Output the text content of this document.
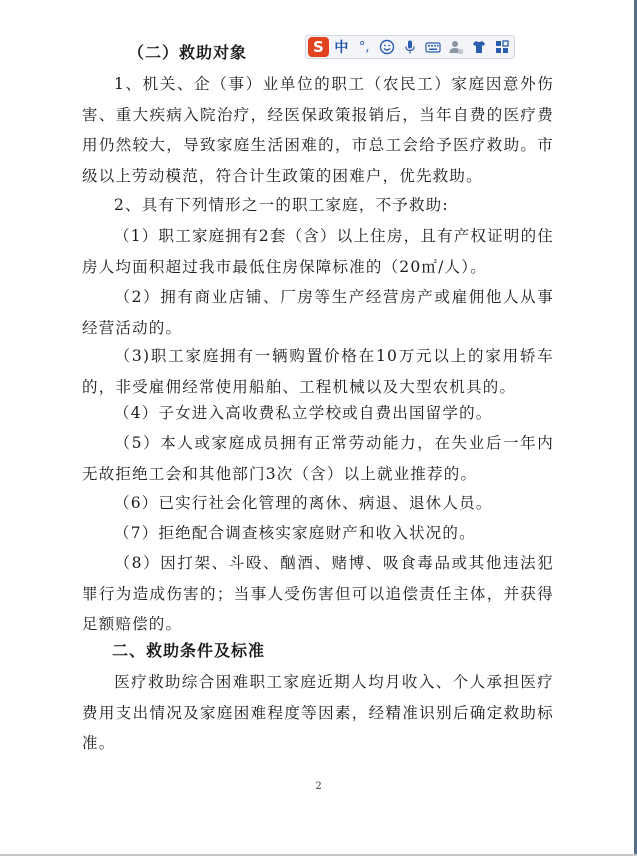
（二）救助对象	S 中 °,
1、机关、企（事）业单位的职工（农民工）家庭因意外伤害、重大疾病入院治疗，经医保政策报销后，当年自费的医疗费用仍然较大，导致家庭生活困难的，市总工会给予医疗救助。市级以上劳动模范，符合计生政策的困难户，优先救助。
2、具有下列情形之一的职工家庭，不予救助:
（1）职工家庭拥有2套（含）以上住房，且有产权证明的住房人均面积超过我市最低住房保障标准的（20㎡/人）。
（2）拥有商业店铺、厂房等生产经营房产或雇佣他人从事经营活动的。
（3)职工家庭拥有一辆购置价格在10万元以上的家用轿车的，非受雇佣经常使用船舶、工程机械以及大型农机具的。
（4）子女进入高收费私立学校或自费出国留学的。
（5）本人或家庭成员拥有正常劳动能力，在失业后一年内无故拒绝工会和其他部门3次（含）以上就业推荐的。
（6）已实行社会化管理的离休、病退、退休人员。
（7）拒绝配合调查核实家庭财产和收入状况的。
（8）因打架、斗殴、酗酒、赌博、吸食毒品或其他违法犯罪行为造成伤害的；当事人受伤害但可以追偿责任主体，并获得足额赔偿的。
二、救助条件及标准
医疗救助综合困难职工家庭近期人均月收入、个人承担医疗费用支出情况及家庭困难程度等因素，经精准识别后确定救助标准。
2
